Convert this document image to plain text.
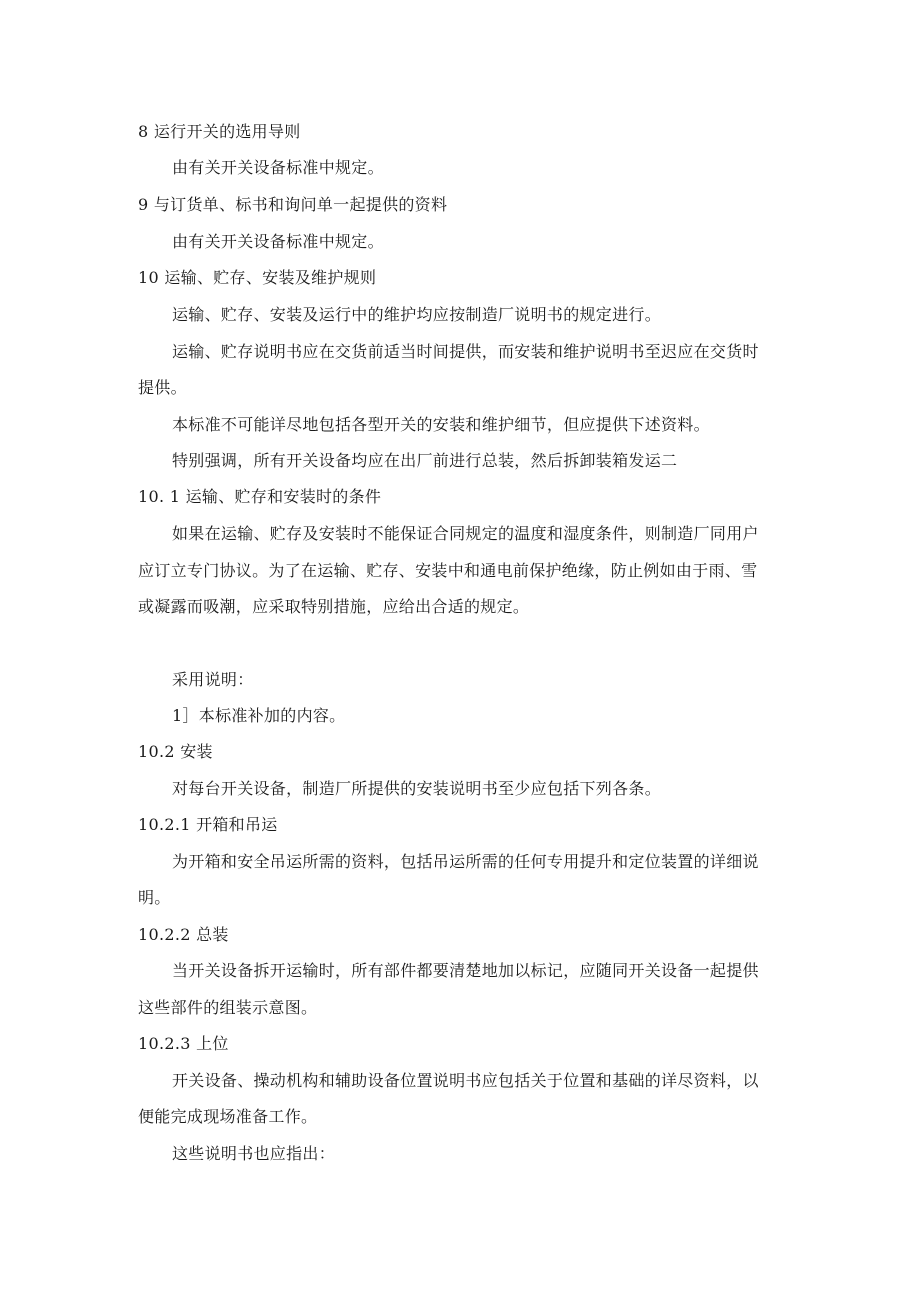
8 运行开关的选用导则
由有关开关设备标准中规定。
9 与订货单、标书和询问单一起提供的资料
由有关开关设备标准中规定。
10 运输、贮存、安装及维护规则
运输、贮存、安装及运行中的维护均应按制造厂说明书的规定进行。
运输、贮存说明书应在交货前适当时间提供，而安装和维护说明书至迟应在交货时
提供。
本标准不可能详尽地包括各型开关的安装和维护细节，但应提供下述资料。
特别强调，所有开关设备均应在出厂前进行总装，然后拆卸装箱发运二
10. 1 运输、贮存和安装时的条件
如果在运输、贮存及安装时不能保证合同规定的温度和湿度条件，则制造厂同用户
应订立专门协议。为了在运输、贮存、安装中和通电前保护绝缘，防止例如由于雨、雪
或凝露而吸潮，应采取特别措施，应给出合适的规定。
采用说明：
1］本标准补加的内容。
10.2 安装
对每台开关设备，制造厂所提供的安装说明书至少应包括下列各条。
10.2.1 开箱和吊运
为开箱和安全吊运所需的资料，包括吊运所需的任何专用提升和定位装置的详细说
明。
10.2.2 总装
当开关设备拆开运输时，所有部件都要清楚地加以标记，应随同开关设备一起提供
这些部件的组装示意图。
10.2.3 上位
开关设备、操动机构和辅助设备位置说明书应包括关于位置和基础的详尽资料，以
便能完成现场准备工作。
这些说明书也应指出：
